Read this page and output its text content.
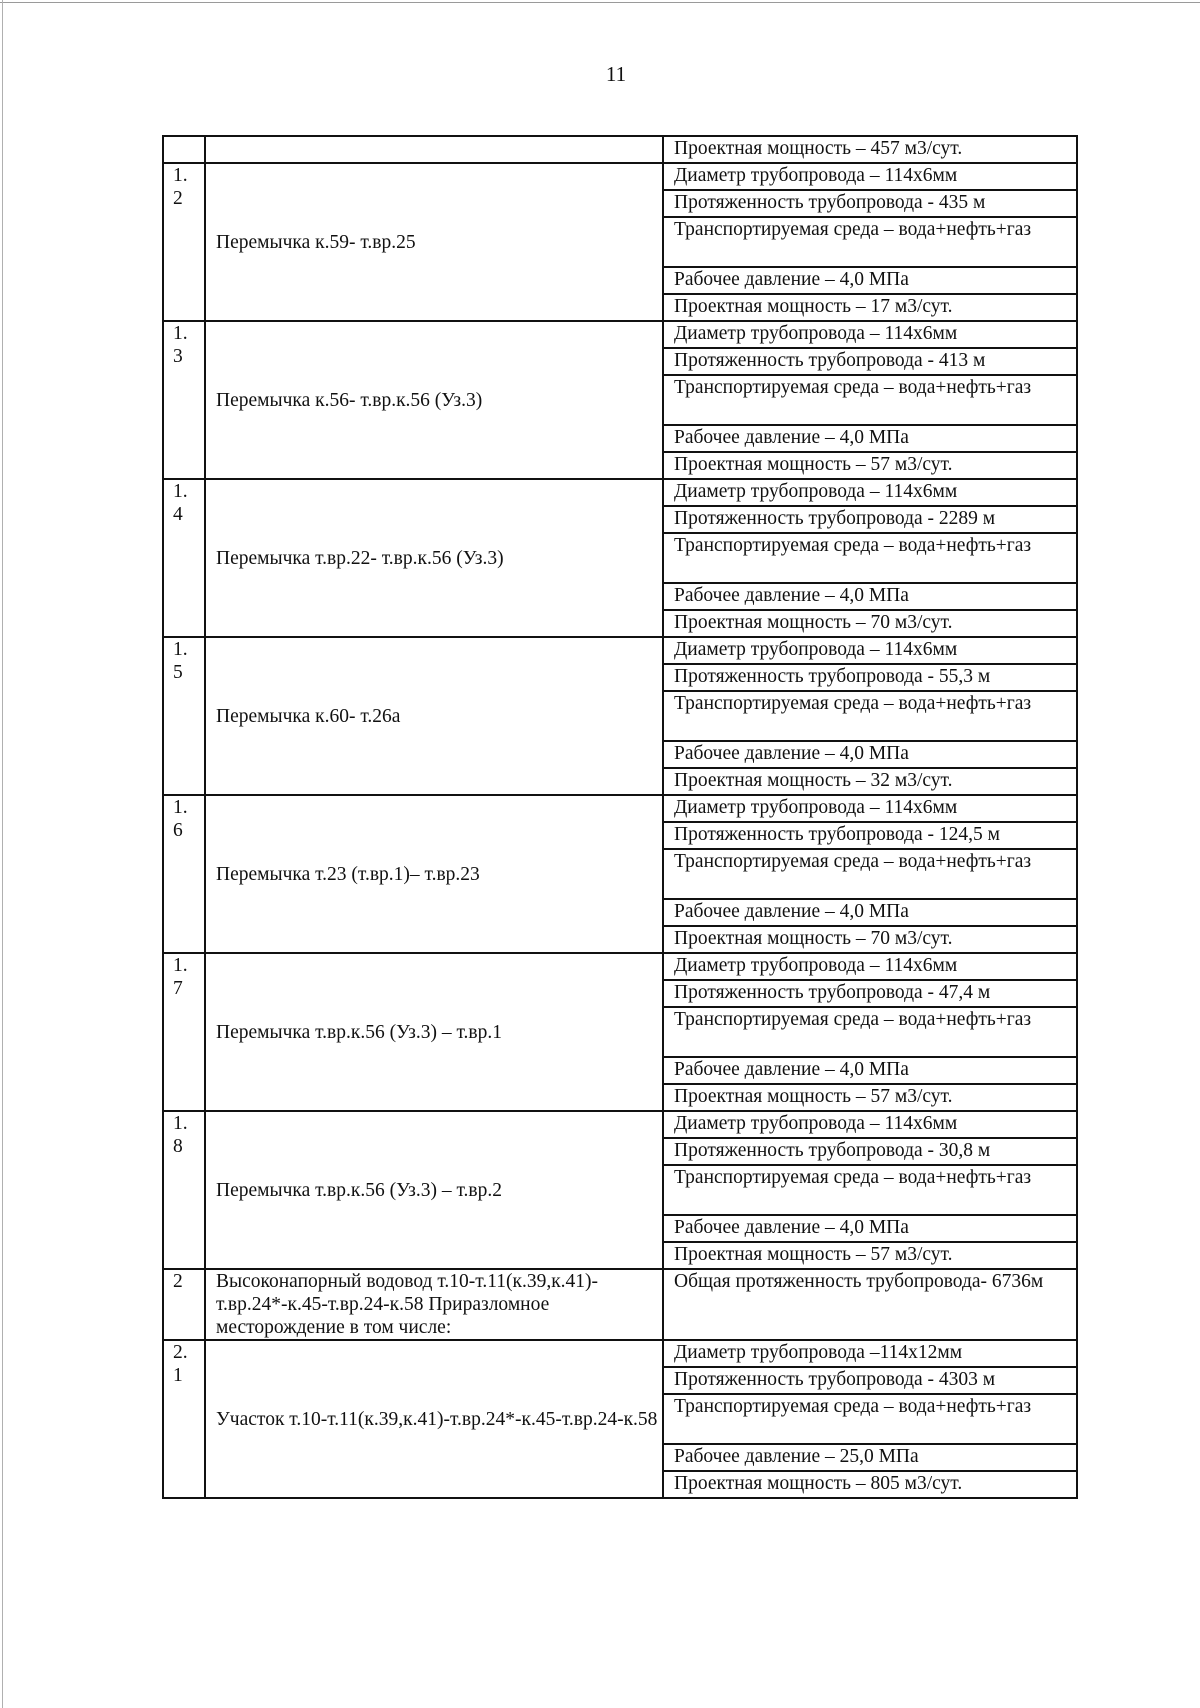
11
		Проектная мощность – 457 м3/сут.
1.
2	Перемычка к.59- т.вр.25	Диаметр трубопровода – 114х6мм
		Протяженность трубопровода - 435 м
		Транспортируемая среда – вода+нефть+газ
		Рабочее давление – 4,0 МПа
		Проектная мощность – 17 м3/сут.
1.
3	Перемычка к.56- т.вр.к.56 (Уз.3)	Диаметр трубопровода – 114х6мм
		Протяженность трубопровода - 413 м
		Транспортируемая среда – вода+нефть+газ
		Рабочее давление – 4,0 МПа
		Проектная мощность – 57 м3/сут.
1.
4	Перемычка т.вр.22- т.вр.к.56 (Уз.3)	Диаметр трубопровода – 114х6мм
		Протяженность трубопровода - 2289 м
		Транспортируемая среда – вода+нефть+газ
		Рабочее давление – 4,0 МПа
		Проектная мощность – 70 м3/сут.
1.
5	Перемычка к.60- т.26а	Диаметр трубопровода – 114х6мм
		Протяженность трубопровода - 55,3 м
		Транспортируемая среда – вода+нефть+газ
		Рабочее давление – 4,0 МПа
		Проектная мощность – 32 м3/сут.
1.
6	Перемычка т.23 (т.вр.1)– т.вр.23	Диаметр трубопровода – 114х6мм
		Протяженность трубопровода - 124,5 м
		Транспортируемая среда – вода+нефть+газ
		Рабочее давление – 4,0 МПа
		Проектная мощность – 70 м3/сут.
1.
7	Перемычка т.вр.к.56 (Уз.3) – т.вр.1	Диаметр трубопровода – 114х6мм
		Протяженность трубопровода - 47,4 м
		Транспортируемая среда – вода+нефть+газ
		Рабочее давление – 4,0 МПа
		Проектная мощность – 57 м3/сут.
1.
8	Перемычка т.вр.к.56 (Уз.3) – т.вр.2	Диаметр трубопровода – 114х6мм
		Протяженность трубопровода - 30,8 м
		Транспортируемая среда – вода+нефть+газ
		Рабочее давление – 4,0 МПа
		Проектная мощность – 57 м3/сут.
2	Высоконапорный водовод т.10-т.11(к.39,к.41)-т.вр.24*-к.45-т.вр.24-к.58 Приразломное месторождение в том числе:	Общая протяженность трубопровода- 6736м
2.
1	Участок т.10-т.11(к.39,к.41)-т.вр.24*-к.45-т.вр.24-к.58	Диаметр трубопровода –114х12мм
		Протяженность трубопровода - 4303 м
		Транспортируемая среда – вода+нефть+газ
		Рабочее давление – 25,0 МПа
		Проектная мощность – 805 м3/сут.
